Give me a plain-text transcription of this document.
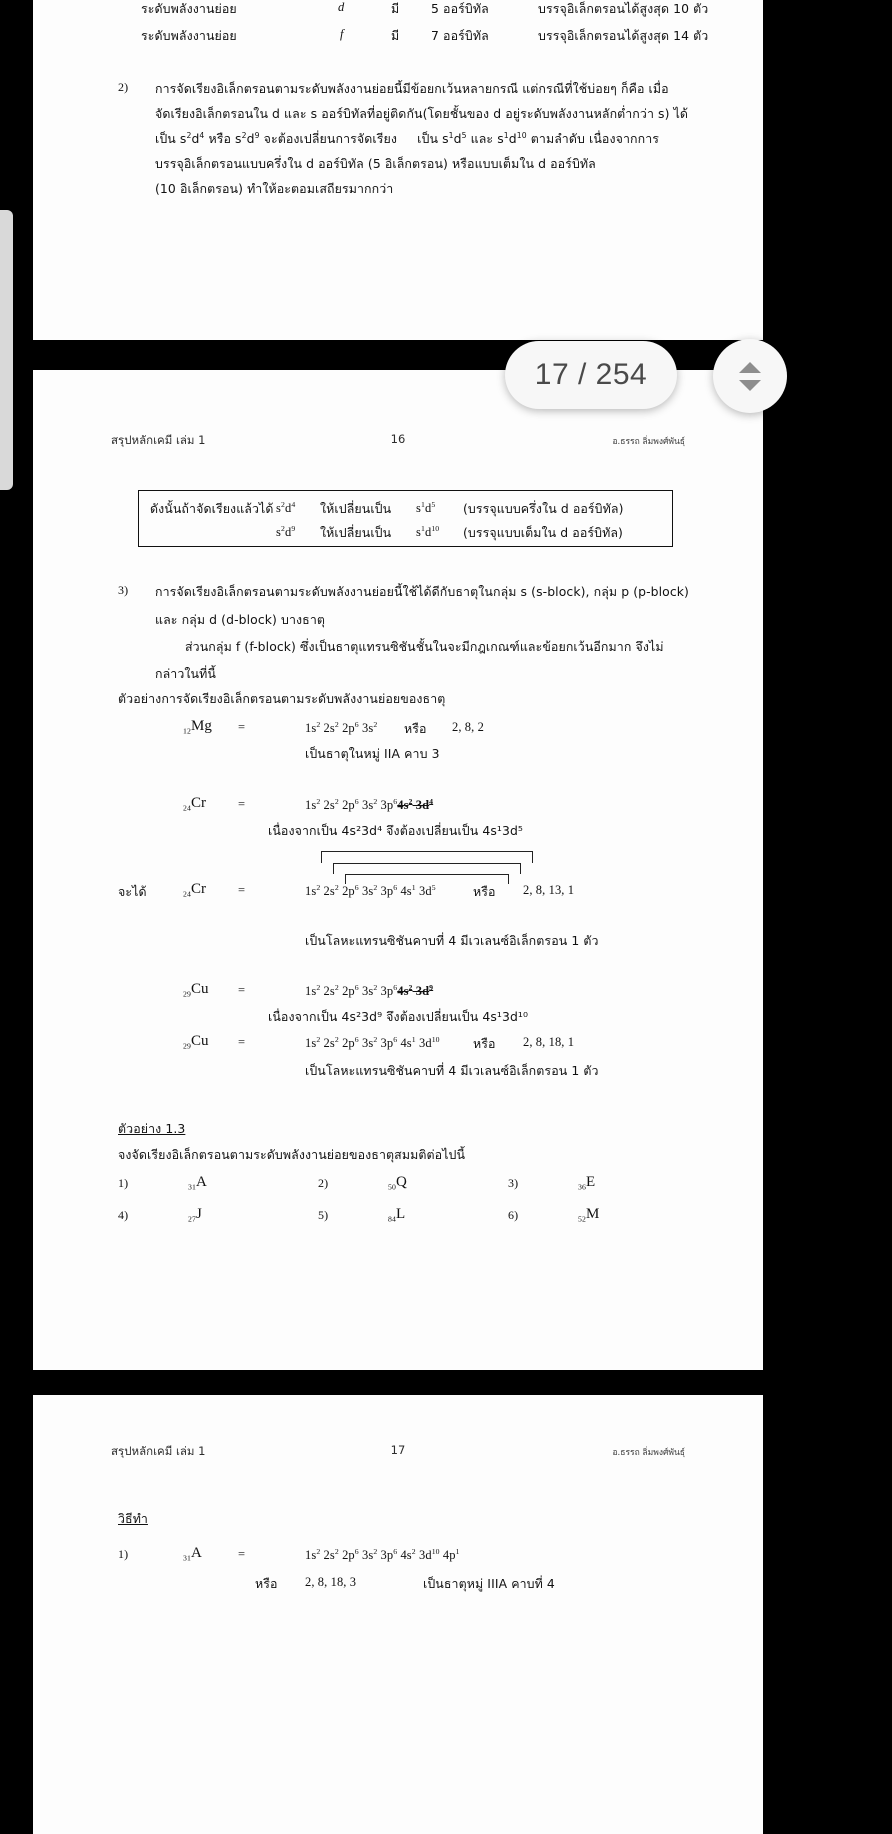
ระดับพลังงานย่อย	d	มี	5 ออร์บิทัล	บรรจุอิเล็กตรอนได้สูงสุด 10 ตัว
ระดับพลังงานย่อย	f	มี	7 ออร์บิทัล	บรรจุอิเล็กตรอนได้สูงสุด 14 ตัว
2) การจัดเรียงอิเล็กตรอนตามระดับพลังงานย่อยนี้มีข้อยกเว้นหลายกรณี แต่กรณีที่ใช้บ่อยๆ ก็คือ เมื่อ
จัดเรียงอิเล็กตรอนใน d และ s ออร์บิทัลที่อยู่ติดกัน(โดยชั้นของ d อยู่ระดับพลังงานหลักต่ำกว่า s) ได้
เป็น $s^2d^4$ หรือ $s^2d^9$ จะต้องเปลี่ยนการจัดเรียง     เป็น $s^1d^5$ และ $s^1d^{10}$ ตามลำดับ เนื่องจากการ
บรรจุอิเล็กตรอนแบบครึ่งใน d ออร์บิทัล (5 อิเล็กตรอน) หรือแบบเต็มใน d ออร์บิทัล
(10 อิเล็กตรอน) ทำให้อะตอมเสถียรมากกว่า
สรุปหลักเคมี เล่ม 1	16	อ.ธรรถ ลิ่มพงศ์พันธุ์
ดังนั้นถ้าจัดเรียงแล้วได้ $s^2d^4$ ให้เปลี่ยนเป็น $s^1d^5$ (บรรจุแบบครึ่งใน d ออร์บิทัล)
$s^2d^9$ ให้เปลี่ยนเป็น $s^1d^{10}$ (บรรจุแบบเต็มใน d ออร์บิทัล)
3) การจัดเรียงอิเล็กตรอนตามระดับพลังงานย่อยนี้ใช้ได้ดีกับธาตุในกลุ่ม s (s-block), กลุ่ม p (p-block)
และ กลุ่ม d (d-block) บางธาตุ
ส่วนกลุ่ม f (f-block) ซึ่งเป็นธาตุแทรนซิชันชั้นในจะมีกฎเกณฑ์และข้อยกเว้นอีกมาก จึงไม่
กล่าวในที่นี้
ตัวอย่างการจัดเรียงอิเล็กตรอนตามระดับพลังงานย่อยของธาตุ
$_{12}$Mg =	$1s^2$ $2s^2$ $2p^6$ $3s^2$ หรือ 2, 8, 2
เป็นธาตุในหมู่ IIA คาบ 3
$_{24}$Cr	=	$1s^2$ $2s^2$ $2p^6$ $3s^2$ $3p^64s^2$ $3d^4$
เนื่องจากเป็น 4s²3d⁴ จึงต้องเปลี่ยนเป็น 4s¹3d⁵
จะได้	$_{24}$Cr	=	$1s^2$ $2s^2$ $2p^6$ $3s^2$ $3p^6$ $4s^1$ $3d^5$	หรือ 2, 8, 13, 1
เป็นโลหะแทรนซิชันคาบที่ 4 มีเวเลนซ์อิเล็กตรอน 1 ตัว
$_{29}$Cu =	$1s^2$ $2s^2$ $2p^6$ $3s^2$ $3p^64s^2$ $3d^9$
เนื่องจากเป็น 4s²3d⁹ จึงต้องเปลี่ยนเป็น 4s¹3d¹⁰
$_{29}$Cu =	$1s^2$ $2s^2$ $2p^6$ $3s^2$ $3p^6$ $4s^1$ $3d^{10}$	หรือ 2, 8, 18, 1
เป็นโลหะแทรนซิชันคาบที่ 4 มีเวเลนซ์อิเล็กตรอน 1 ตัว
ตัวอย่าง 1.3
จงจัดเรียงอิเล็กตรอนตามระดับพลังงานย่อยของธาตุสมมติต่อไปนี้
1)	$_{31}$A	2)	$_{50}$Q	3)	$_{36}$E
4)	$_{27}$J	5)	$_{84}$L	6)	$_{52}$M
สรุปหลักเคมี เล่ม 1	17	อ.ธรรถ ลิ่มพงศ์พันธุ์
วิธีทำ
1)	$_{31}$A	=	$1s^2$ $2s^2$ $2p^6$ $3s^2$ $3p^6$ $4s^2$ $3d^{10}$ $4p^1$
หรือ 2, 8, 18, 3	เป็นธาตุหมู่ IIIA คาบที่ 4
17 / 254
